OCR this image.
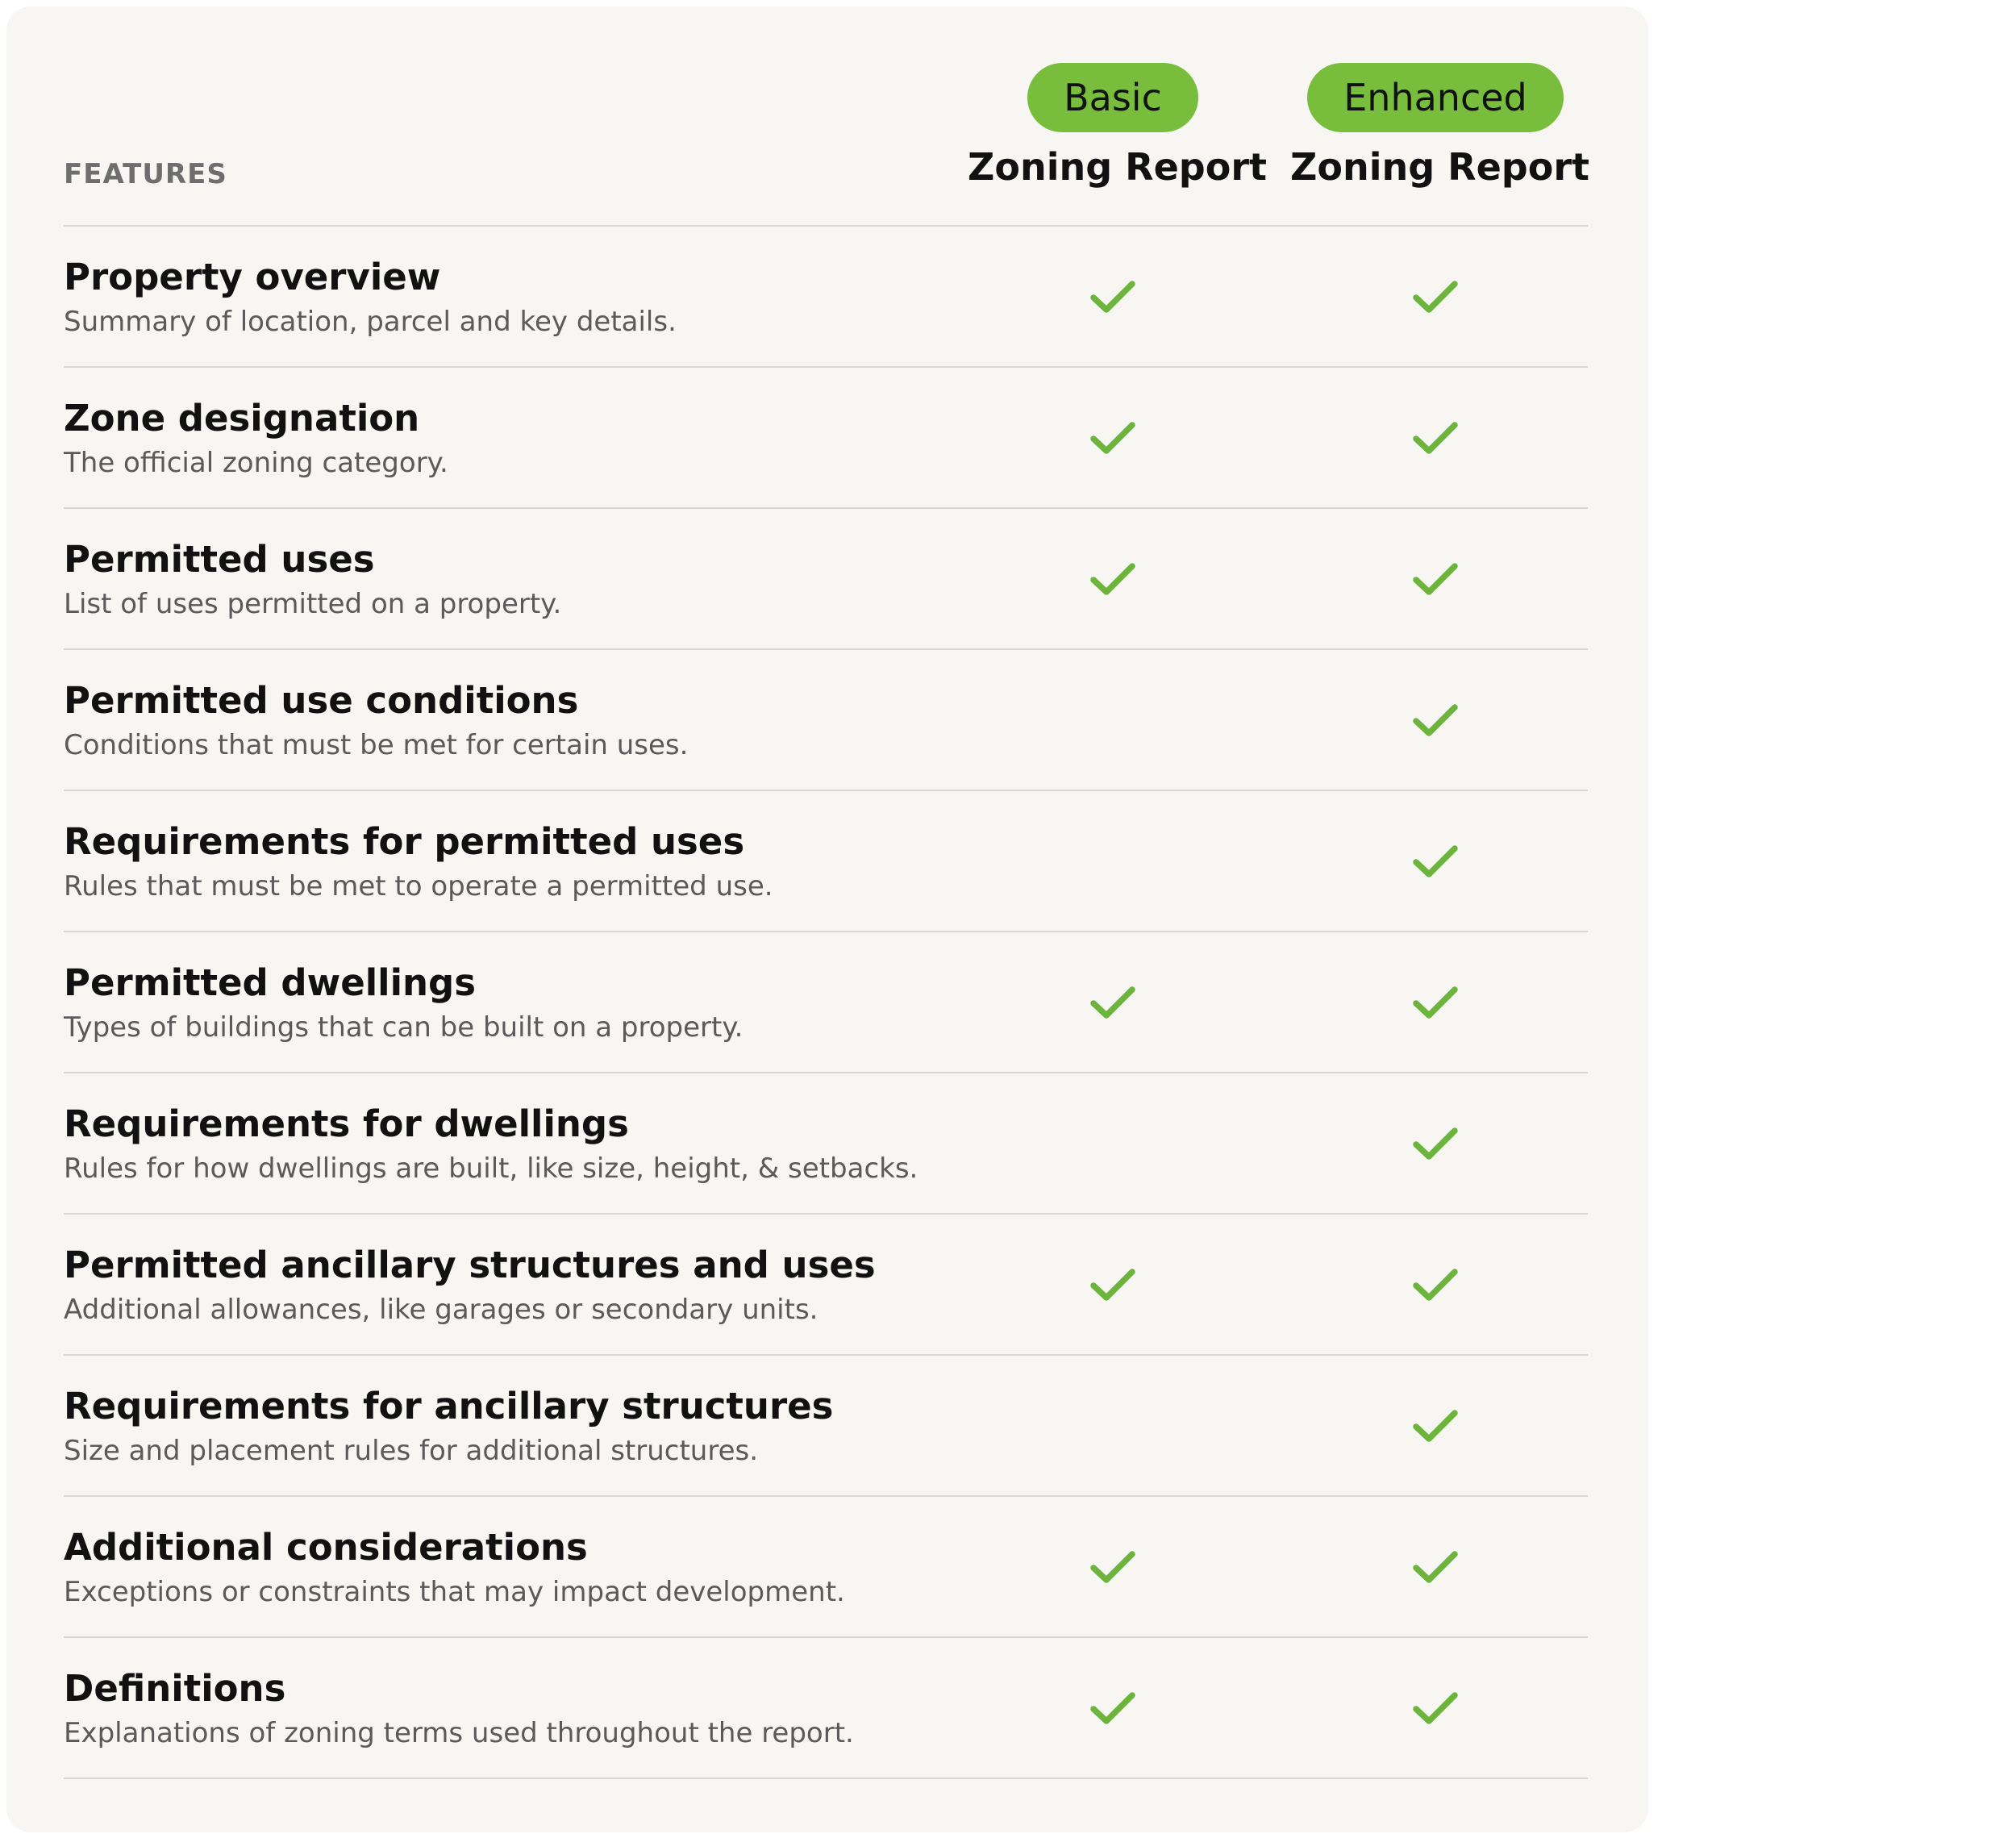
FEATURES
Basic
Zoning Report
Enhanced
Zoning Report
Property overview
Summary of location, parcel and key details.
Zone designation
The official zoning category.
Permitted uses
List of uses permitted on a property.
Permitted use conditions
Conditions that must be met for certain uses.
Requirements for permitted uses
Rules that must be met to operate a permitted use.
Permitted dwellings
Types of buildings that can be built on a property.
Requirements for dwellings
Rules for how dwellings are built, like size, height, & setbacks.
Permitted ancillary structures and uses
Additional allowances, like garages or secondary units.
Requirements for ancillary structures
Size and placement rules for additional structures.
Additional considerations
Exceptions or constraints that may impact development.
Definitions
Explanations of zoning terms used throughout the report.
